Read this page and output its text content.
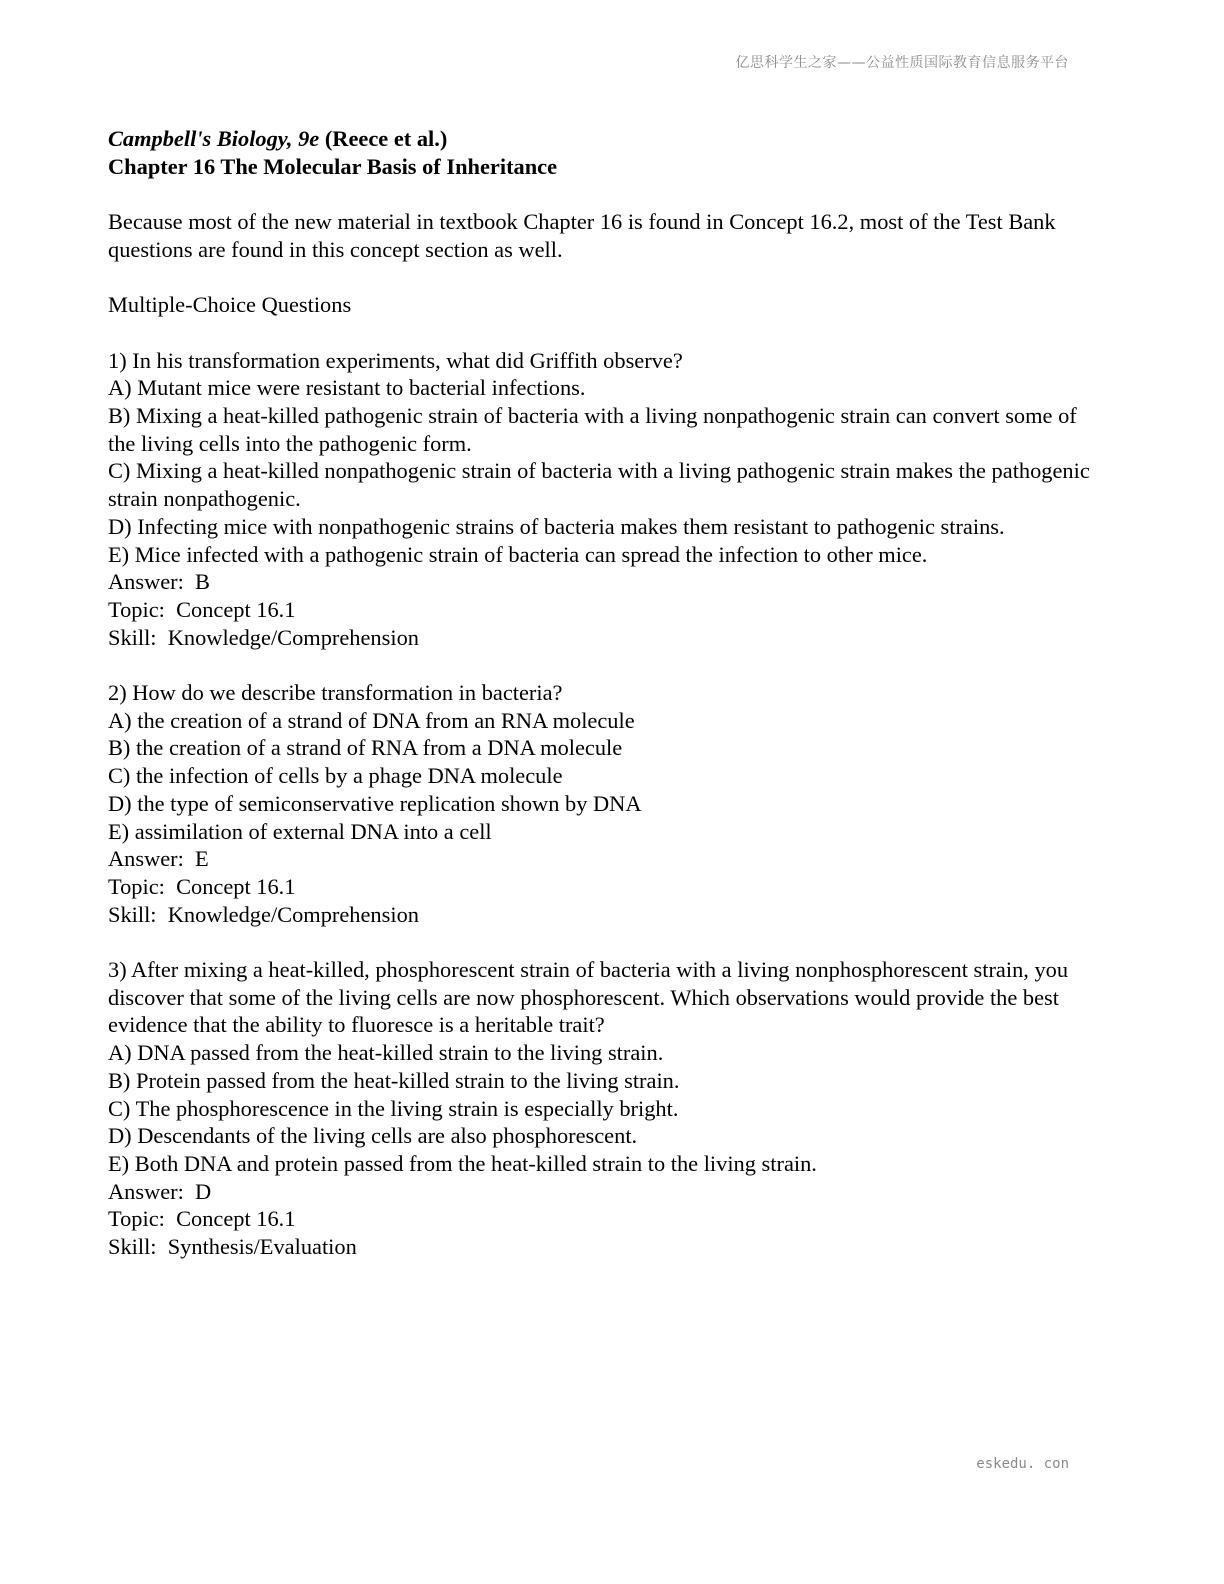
亿思科学生之家——公益性质国际教育信息服务平台

Campbell's Biology, 9e (Reece et al.)

Chapter 16 The Molecular Basis of Inheritance

Because most of the new material in textbook Chapter 16 is found in Concept 16.2, most of the Test Bank questions are found in this concept section as well.

Multiple-Choice Questions

1) In his transformation experiments, what did Griffith observe?

A) Mutant mice were resistant to bacterial infections.

B) Mixing a heat-killed pathogenic strain of bacteria with a living nonpathogenic strain can convert some of the living cells into the pathogenic form.

C) Mixing a heat-killed nonpathogenic strain of bacteria with a living pathogenic strain makes the pathogenic strain nonpathogenic.

D) Infecting mice with nonpathogenic strains of bacteria makes them resistant to pathogenic strains.

E) Mice infected with a pathogenic strain of bacteria can spread the infection to other mice.

Answer:  B

Topic:  Concept 16.1

Skill:  Knowledge/Comprehension

2) How do we describe transformation in bacteria?

A) the creation of a strand of DNA from an RNA molecule

B) the creation of a strand of RNA from a DNA molecule

C) the infection of cells by a phage DNA molecule

D) the type of semiconservative replication shown by DNA

E) assimilation of external DNA into a cell

Answer:  E

Topic:  Concept 16.1

Skill:  Knowledge/Comprehension

3) After mixing a heat-killed, phosphorescent strain of bacteria with a living nonphosphorescent strain, you discover that some of the living cells are now phosphorescent. Which observations would provide the best evidence that the ability to fluoresce is a heritable trait?

A) DNA passed from the heat-killed strain to the living strain.

B) Protein passed from the heat-killed strain to the living strain.

C) The phosphorescence in the living strain is especially bright.

D) Descendants of the living cells are also phosphorescent.

E) Both DNA and protein passed from the heat-killed strain to the living strain.

Answer:  D

Topic:  Concept 16.1

Skill:  Synthesis/Evaluation

eskedu. con
